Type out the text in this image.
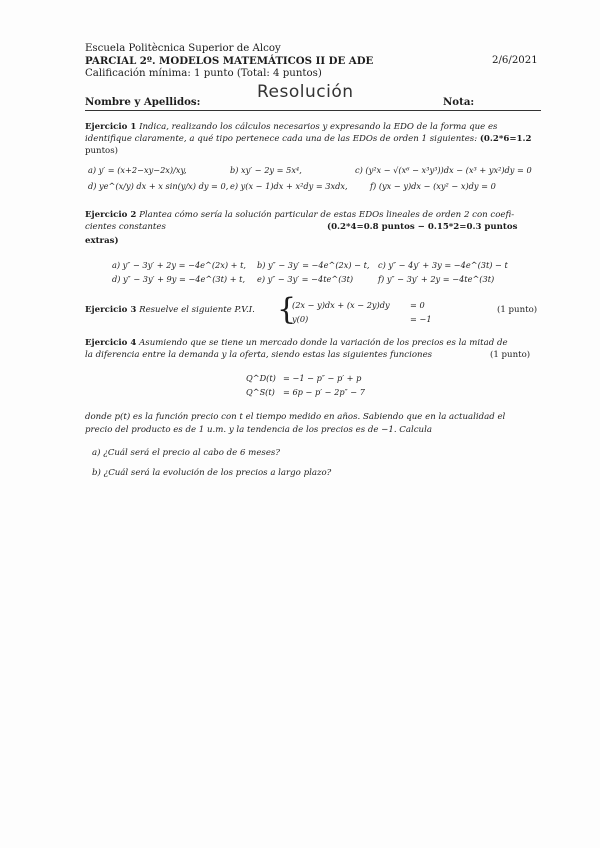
Escuela Politècnica Superior de Alcoy
PARCIAL 2º. MODELOS MATEMÁTICOS II DE ADE	2/6/2021
Calificación mínima: 1 punto (Total: 4 puntos)
Nombre y Apellidos:	Resolución	Nota:
Ejercicio 1 Indica, realizando los cálculos necesarios y expresando la EDO de la forma que es
identifique claramente, a qué tipo pertenece cada una de las EDOs de orden 1 siguientes: (0.2*6=1.2
puntos)
a) y′ = (x+2−xy−2x)/xy,	b) xy′ − 2y = 5x⁴,	c) (y²x − √(x⁶ − x³y³))dx − (x³ + yx²)dy = 0
d) ye^(x/y) dx + x sin(y/x) dy = 0, e) y(x − 1)dx + x²dy = 3xdx,	f) (yx − y)dx − (xy² − x)dy = 0
Ejercicio 2 Plantea cómo sería la solución particular de estas EDOs lineales de orden 2 con coefi-
cientes constantes	(0.2*4=0.8 puntos − 0.15*2=0.3 puntos
extras)
a) y″ − 3y′ + 2y = −4e^(2x) + t, b) y″ − 3y′ = −4e^(2x) − t, c) y″ − 4y′ + 3y = −4e^(3t) − t
d) y″ − 3y′ + 9y = −4e^(3t) + t, e) y″ − 3y′ = −4te^(3t)	f) y″ − 3y′ + 2y = −4te^(3t)
Ejercicio 3 Resuelve el siguiente P.V.I. {
(2x − y)dx + (x − 2y)dy = 0
y(0)	= −1
(1 punto)
Ejercicio 4 Asumiendo que se tiene un mercado donde la variación de los precios es la mitad de
la diferencia entre la demanda y la oferta, siendo estas las siguientes funciones	(1 punto)
Q^D(t) = −1 − p″ − p′ + p
Q^S(t) = 6p − p′ − 2p″ − 7
donde p(t) es la función precio con t el tiempo medido en años. Sabiendo que en la actualidad el
precio del producto es de 1 u.m. y la tendencia de los precios es de −1. Calcula
a) ¿Cuál será el precio al cabo de 6 meses?
b) ¿Cuál será la evolución de los precios a largo plazo?
